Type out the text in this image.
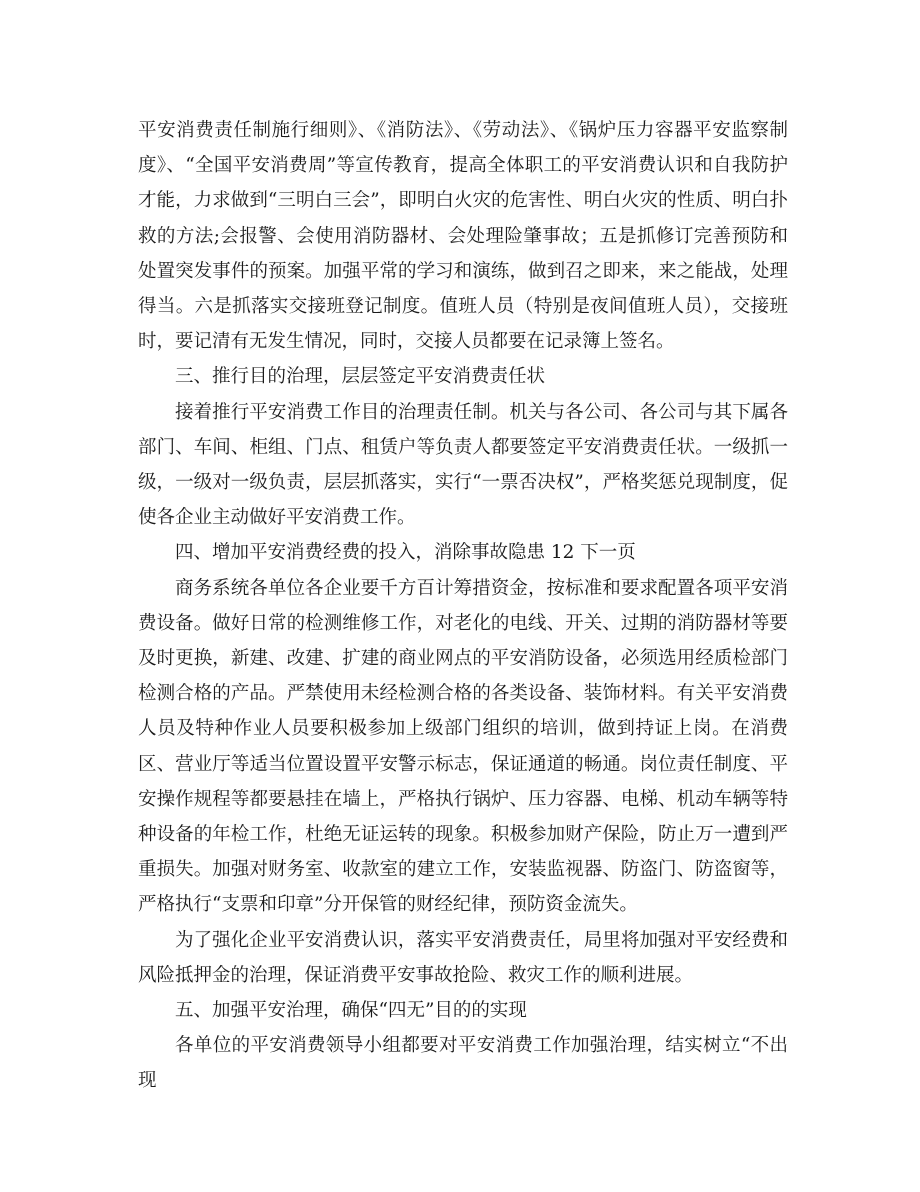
平安消费责任制施行细则》、《消防法》、《劳动法》、《锅炉压力容器平安监察制度》、“全国平安消费周”等宣传教育，提高全体职工的平安消费认识和自我防护才能，力求做到“三明白三会”，即明白火灾的危害性、明白火灾的性质、明白扑救的方法;会报警、会使用消防器材、会处理险肇事故；五是抓修订完善预防和处置突发事件的预案。加强平常的学习和演练，做到召之即来，来之能战，处理得当。六是抓落实交接班登记制度。值班人员（特别是夜间值班人员），交接班时，要记清有无发生情况，同时，交接人员都要在记录簿上签名。

三、推行目的治理，层层签定平安消费责任状

接着推行平安消费工作目的治理责任制。机关与各公司、各公司与其下属各部门、车间、柜组、门点、租赁户等负责人都要签定平安消费责任状。一级抓一级，一级对一级负责，层层抓落实，实行“一票否决权”，严格奖惩兑现制度，促使各企业主动做好平安消费工作。

四、增加平安消费经费的投入，消除事故隐患 12 下一页

商务系统各单位各企业要千方百计筹措资金，按标准和要求配置各项平安消费设备。做好日常的检测维修工作，对老化的电线、开关、过期的消防器材等要及时更换，新建、改建、扩建的商业网点的平安消防设备，必须选用经质检部门检测合格的产品。严禁使用未经检测合格的各类设备、装饰材料。有关平安消费人员及特种作业人员要积极参加上级部门组织的培训，做到持证上岗。在消费区、营业厅等适当位置设置平安警示标志，保证通道的畅通。岗位责任制度、平安操作规程等都要悬挂在墙上，严格执行锅炉、压力容器、电梯、机动车辆等特种设备的年检工作，杜绝无证运转的现象。积极参加财产保险，防止万一遭到严重损失。加强对财务室、收款室的建立工作，安装监视器、防盗门、防盗窗等，严格执行“支票和印章”分开保管的财经纪律，预防资金流失。

为了强化企业平安消费认识，落实平安消费责任，局里将加强对平安经费和风险抵押金的治理，保证消费平安事故抢险、救灾工作的顺利进展。

五、加强平安治理，确保“四无”目的的实现

各单位的平安消费领导小组都要对平安消费工作加强治理，结实树立“不出现
